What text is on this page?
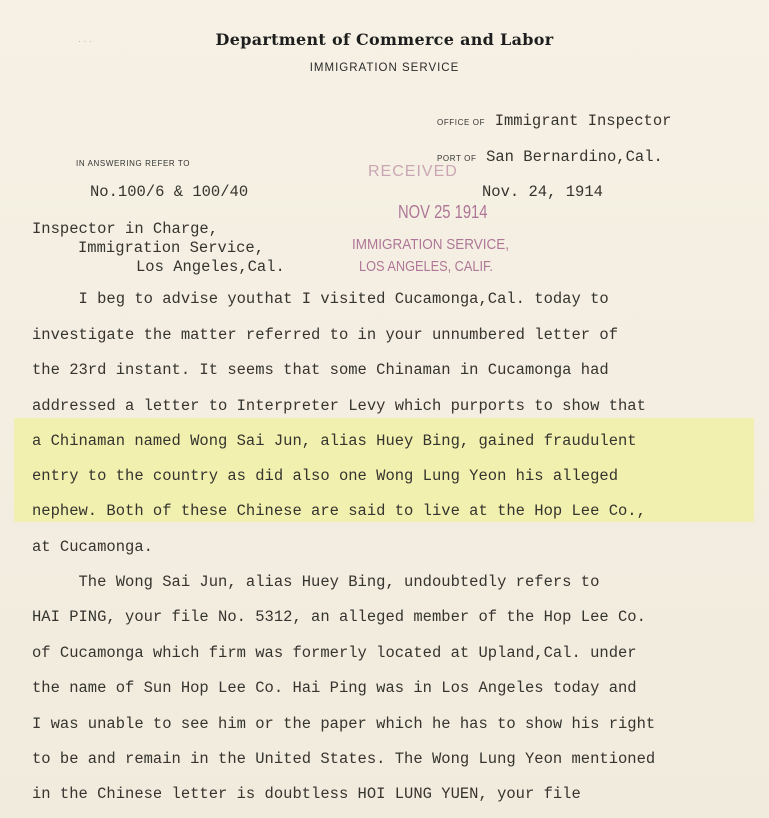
Department of Commerce and Labor
IMMIGRATION SERVICE
· · ·
OFFICE OF Immigrant Inspector
IN ANSWERING REFER TO
PORT OF San Bernardino,Cal.
RECEIVED
No.100/6 & 100/40	Nov. 24, 1914
NOV 25 1914
Inspector in Charge,
Immigration Service,
Los Angeles,Cal.
IMMIGRATION SERVICE,
LOS ANGELES, CALIF.
I beg to advise youthat I visited Cucamonga,Cal. today to
investigate the matter referred to in your unnumbered letter of
the 23rd instant. It seems that some Chinaman in Cucamonga had
addressed a letter to Interpreter Levy which purports to show that
a Chinaman named Wong Sai Jun, alias Huey Bing, gained fraudulent
entry to the country as did also one Wong Lung Yeon his alleged
nephew. Both of these Chinese are said to live at the Hop Lee Co.,
at Cucamonga.
The Wong Sai Jun, alias Huey Bing, undoubtedly refers to
HAI PING, your file No. 5312, an alleged member of the Hop Lee Co.
of Cucamonga which firm was formerly located at Upland,Cal. under
the name of Sun Hop Lee Co. Hai Ping was in Los Angeles today and
I was unable to see him or the paper which he has to show his right
to be and remain in the United States. The Wong Lung Yeon mentioned
in the Chinese letter is doubtless HOI LUNG YUEN, your file
